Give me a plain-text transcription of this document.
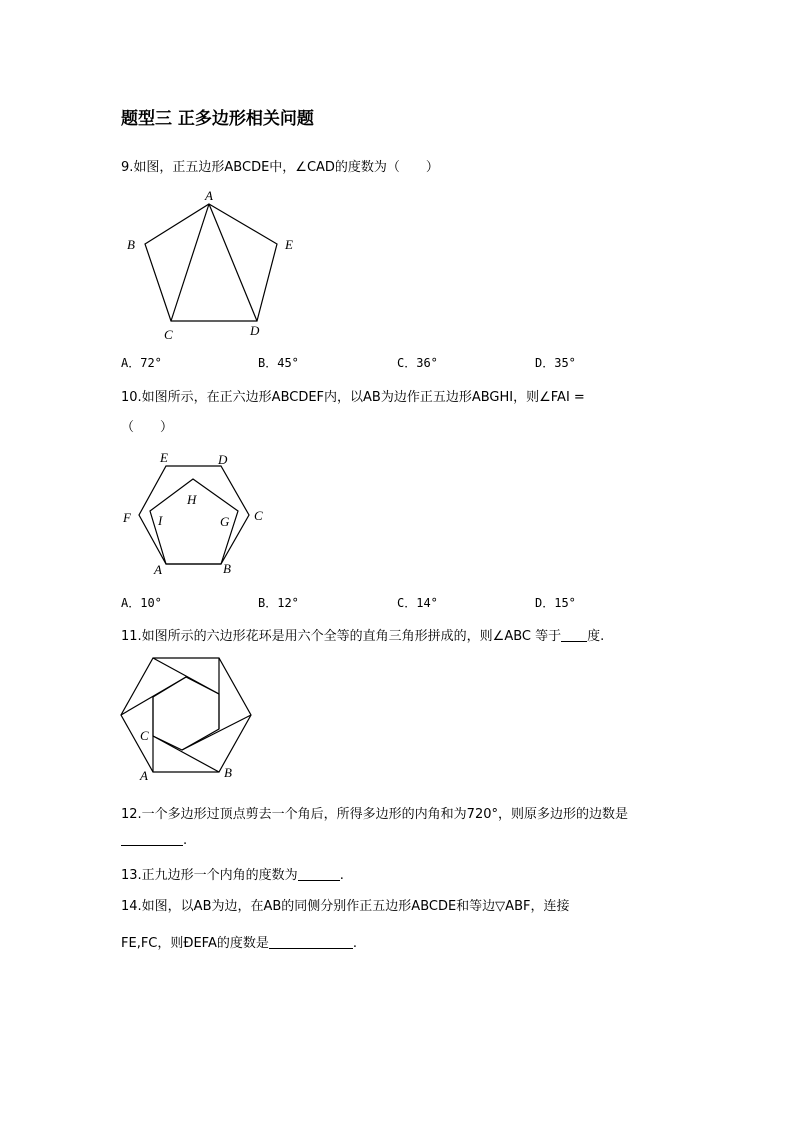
题型三 正多边形相关问题
9.如图，正五边形ABCDE中，∠CAD的度数为（　　）
A
B
C	D
E
A．72°	B．45°	C．36°	D．35°
10.如图所示，在正六边形ABCDEF内，以AB为边作正五边形ABGHI，则∠FAI =
（　　）
E	D
F	C
H
I	G
A	B
A．10°	B．12°	C．14°	D．15°
11.如图所示的六边形花环是用六个全等的直角三角形拼成的，则∠ABC 等于 度.
C
A	B
12.一个多边形过顶点剪去一个角后，所得多边形的内角和为720°，则原多边形的边数是
.
13.正九边形一个内角的度数为	.
14.如图，以AB为边，在AB的同侧分别作正五边形ABCDE和等边▽ABF，连接
FE,FC，则ÐEFA的度数是	.
